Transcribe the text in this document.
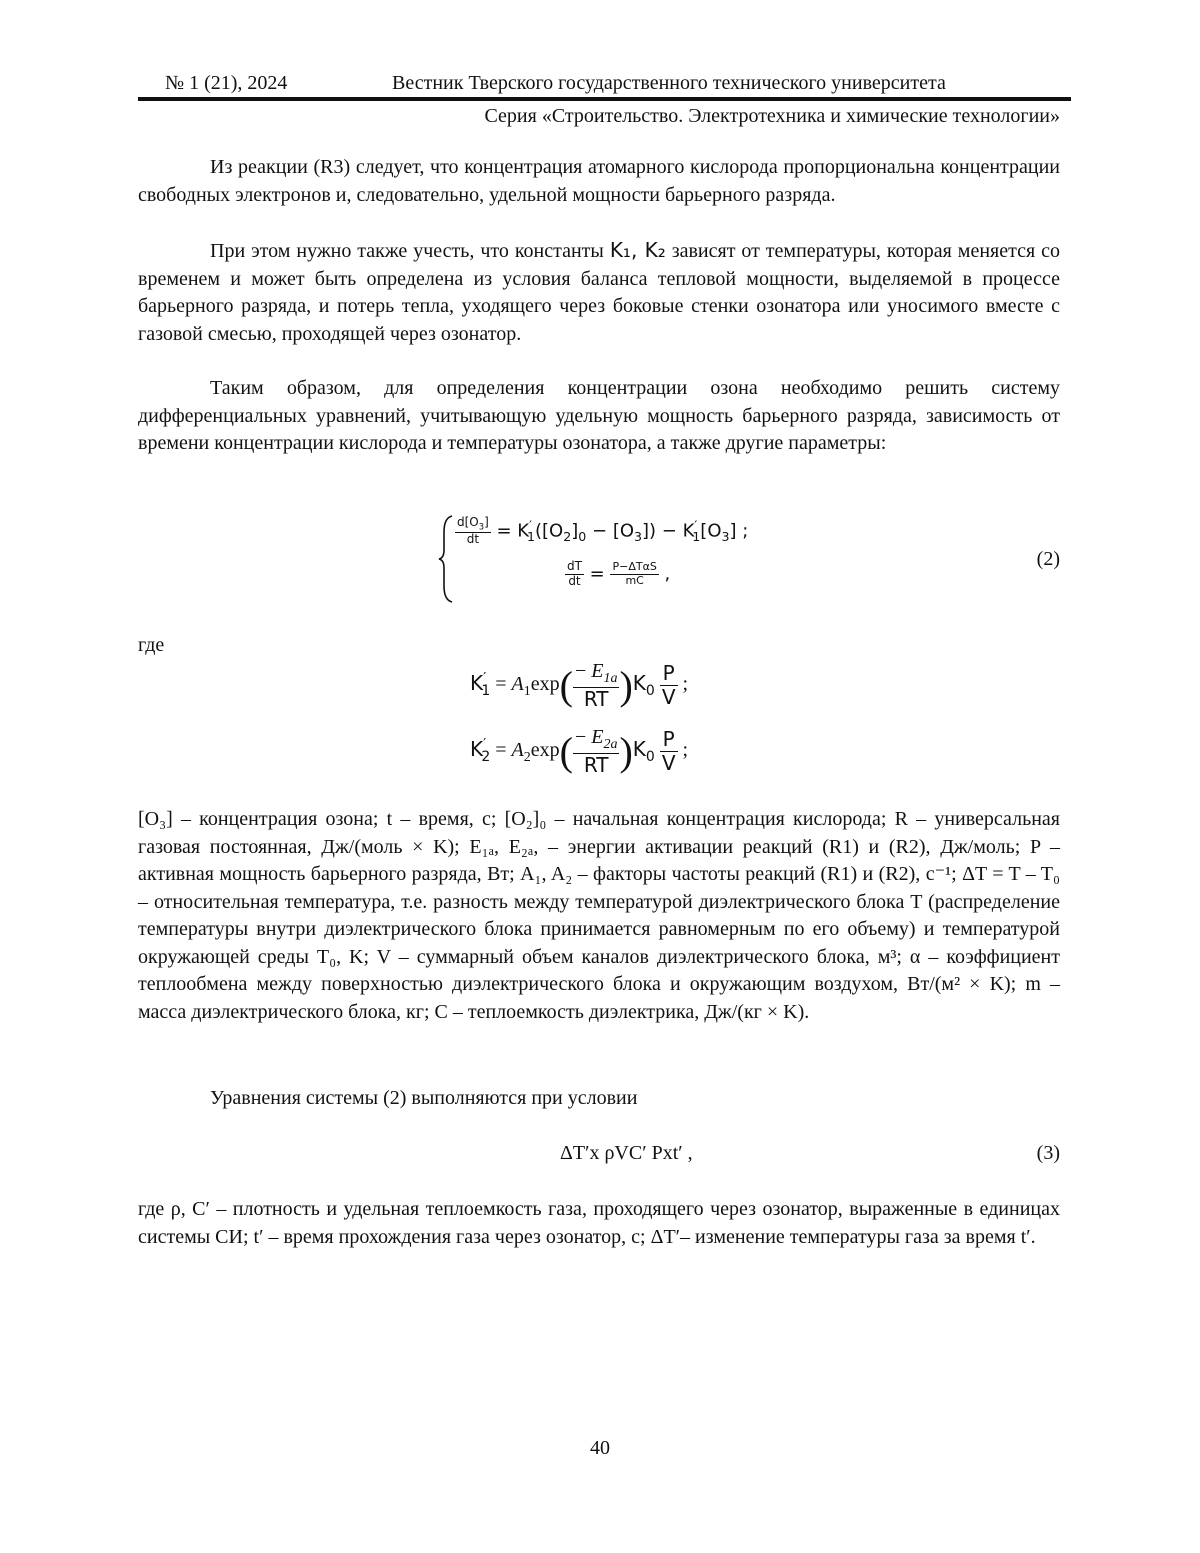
№ 1 (21), 2024	Вестник Тверского государственного технического университета
Серия «Строительство. Электротехника и химические технологии»

Из реакции (R3) следует, что концентрация атомарного кислорода пропорциональна концентрации свободных электронов и, следовательно, удельной мощности барьерного разряда.

При этом нужно также учесть, что константы K₁, K₂ зависят от температуры, которая меняется со временем и может быть определена из условия баланса тепловой мощности, выделяемой в процессе барьерного разряда, и потерь тепла, уходящего через боковые стенки озонатора или уносимого вместе с газовой смесью, проходящей через озонатор.

Таким образом, для определения концентрации озона необходимо решить систему дифференциальных уравнений, учитывающую удельную мощность барьерного разряда, зависимость от времени концентрации кислорода и температуры озонатора, а также другие параметры:

$\frac{d[O_3]}{dt} = K'_1([O_2]_0 - [O_3]) - K'_1[O_3]$ ;
$\frac{dT}{dt} = \frac{\text{P−ΔTαS}}{mC}$ ,
(2)
где
$K'_1 = A_1\exp( \frac{- E_{1a}}{RT} )K_0 \frac{P}{V}$ ;
$K'_2 = A_2\exp( \frac{- E_{2a}}{RT} )K_0 \frac{P}{V}$ ;

[O₃] – концентрация озона; t – время, с; [O₂]₀ – начальная концентрация кислорода; R – универсальная газовая постоянная, Дж/(моль × K); E₁ₐ, E₂ₐ, – энергии активации реакций (R1) и (R2), Дж/моль; P – активная мощность барьерного разряда, Вт; A₁, A₂ – факторы частоты реакций (R1) и (R2), с⁻¹; ΔT = T – T₀ – относительная температура, т.е. разность между температурой диэлектрического блока T (распределение температуры внутри диэлектрического блока принимается равномерным по его объему) и температурой окружающей среды T₀, K; V – суммарный объем каналов диэлектрического блока, м³; α – коэффициент теплообмена между поверхностью диэлектрического блока и окружающим воздухом, Вт/(м² × K); m – масса диэлектрического блока, кг; C – теплоемкость диэлектрика, Дж/(кг × K).

Уравнения системы (2) выполняются при условии

ΔT′x ρVC′ Pxt′ ,	(3)

где ρ, C′ – плотность и удельная теплоемкость газа, проходящего через озонатор, выраженные в единицах системы СИ; t′ – время прохождения газа через озонатор, с; ΔT′– изменение температуры газа за время t′.

40
